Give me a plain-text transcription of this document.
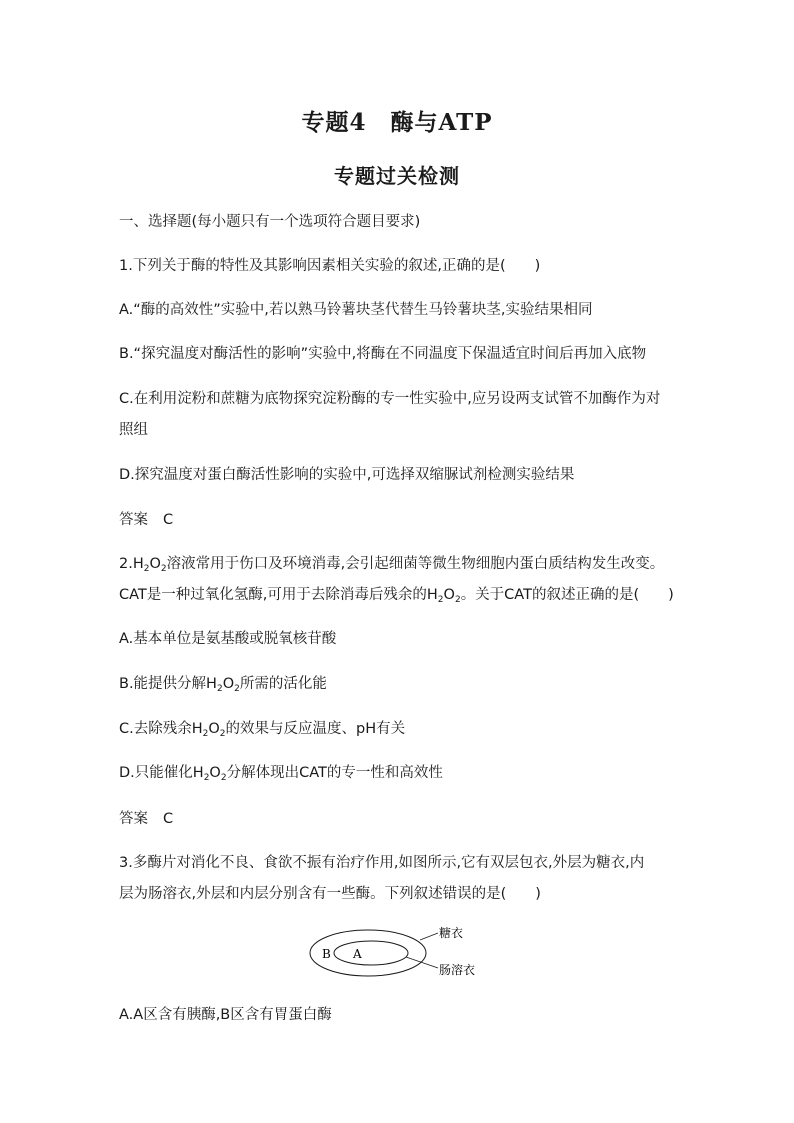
专题4　酶与ATP
专题过关检测
一、选择题(每小题只有一个选项符合题目要求)
1.下列关于酶的特性及其影响因素相关实验的叙述,正确的是(　　)
A.“酶的高效性”实验中,若以熟马铃薯块茎代替生马铃薯块茎,实验结果相同
B.“探究温度对酶活性的影响”实验中,将酶在不同温度下保温适宜时间后再加入底物
C.在利用淀粉和蔗糖为底物探究淀粉酶的专一性实验中,应另设两支试管不加酶作为对
照组
D.探究温度对蛋白酶活性影响的实验中,可选择双缩脲试剂检测实验结果
答案 C
$2.H_2O_2$溶液常用于伤口及环境消毒,会引起细菌等微生物细胞内蛋白质结构发生改变。
CAT是一种过氧化氢酶,可用于去除消毒后残余的$H_2O_2$。关于CAT的叙述正确的是(　　)
A.基本单位是氨基酸或脱氧核苷酸
B.能提供分解$H_2O_2$所需的活化能
C.去除残余$H_2O_2$的效果与反应温度、pH有关
D.只能催化$H_2O_2$分解体现出CAT的专一性和高效性
答案 C
3.多酶片对消化不良、食欲不振有治疗作用,如图所示,它有双层包衣,外层为糖衣,内
层为肠溶衣,外层和内层分别含有一些酶。下列叙述错误的是(　　)
B A
糖衣
肠溶衣
A.A区含有胰酶,B区含有胃蛋白酶
